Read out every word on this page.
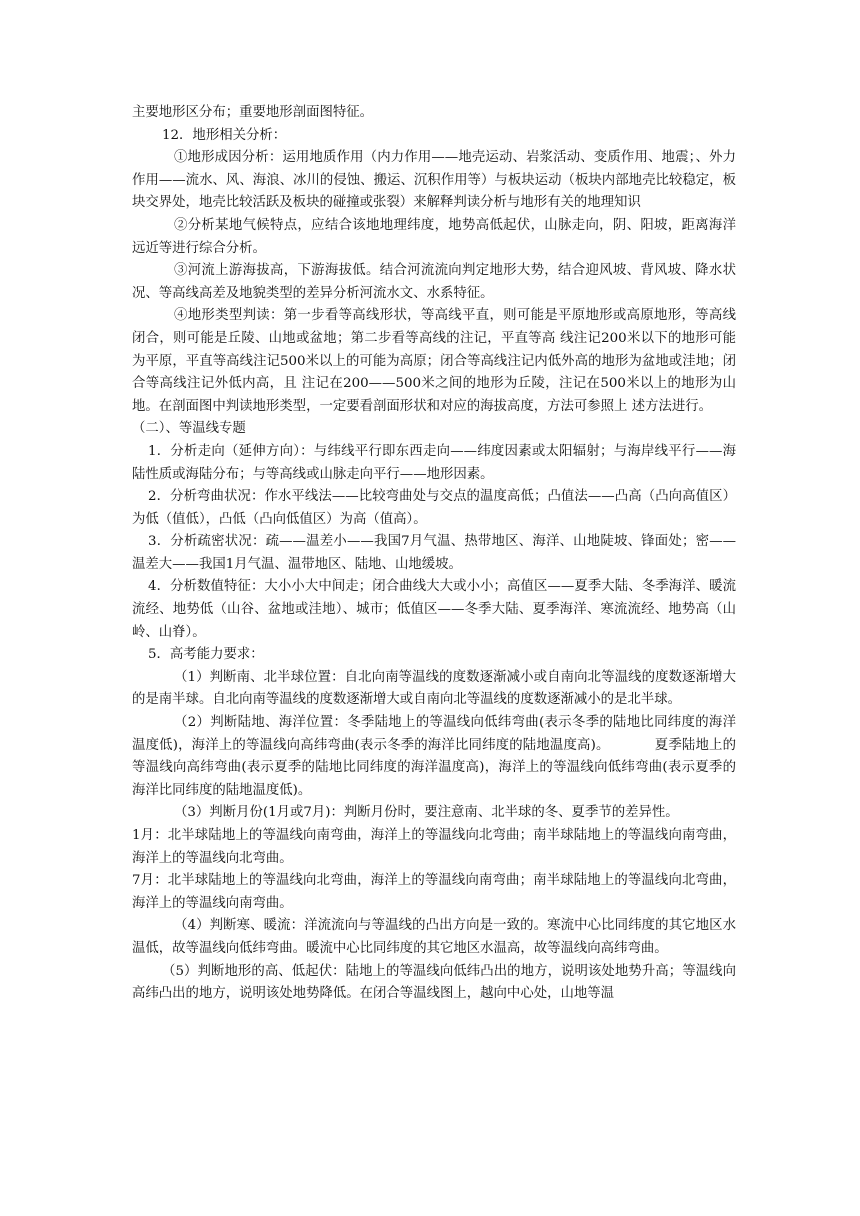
主要地形区分布；重要地形剖面图特征。

12．地形相关分析：

①地形成因分析：运用地质作用（内力作用——地壳运动、岩浆活动、变质作用、地震；、外力作用——流水、风、海浪、冰川的侵蚀、搬运、沉积作用等）与板块运动（板块内部地壳比较稳定，板块交界处，地壳比较活跃及板块的碰撞或张裂）来解释判读分析与地形有关的地理知识

②分析某地气候特点，应结合该地地理纬度，地势高低起伏，山脉走向，阴、阳坡，距离海洋远近等进行综合分析。

③河流上游海拔高，下游海拔低。结合河流流向判定地形大势，结合迎风坡、背风坡、降水状况、等高线高差及地貌类型的差异分析河流水文、水系特征。

④地形类型判读：第一步看等高线形状，等高线平直，则可能是平原地形或高原地形，等高线闭合，则可能是丘陵、山地或盆地；第二步看等高线的注记，平直等高 线注记200米以下的地形可能为平原，平直等高线注记500米以上的可能为高原；闭合等高线注记内低外高的地形为盆地或洼地；闭合等高线注记外低内高，且 注记在200——500米之间的地形为丘陵，注记在500米以上的地形为山地。在剖面图中判读地形类型，一定要看剖面形状和对应的海拔高度，方法可参照上 述方法进行。

（二）、等温线专题

1．分析走向（延伸方向）：与纬线平行即东西走向——纬度因素或太阳辐射；与海岸线平行——海陆性质或海陆分布；与等高线或山脉走向平行——地形因素。

2．分析弯曲状况：作水平线法——比较弯曲处与交点的温度高低；凸值法——凸高（凸向高值区）为低（值低），凸低（凸向低值区）为高（值高）。

3．分析疏密状况：疏——温差小——我国7月气温、热带地区、海洋、山地陡坡、锋面处；密——温差大——我国1月气温、温带地区、陆地、山地缓坡。

4．分析数值特征：大小小大中间走；闭合曲线大大或小小；高值区——夏季大陆、冬季海洋、暖流流经、地势低（山谷、盆地或洼地）、城市；低值区——冬季大陆、夏季海洋、寒流流经、地势高（山岭、山脊）。

5．高考能力要求：

（1）判断南、北半球位置：自北向南等温线的度数逐渐减小或自南向北等温线的度数逐渐增大的是南半球。自北向南等温线的度数逐渐增大或自南向北等温线的度数逐渐减小的是北半球。

（2）判断陆地、海洋位置：冬季陆地上的等温线向低纬弯曲(表示冬季的陆地比同纬度的海洋温度低)，海洋上的等温线向高纬弯曲(表示冬季的海洋比同纬度的陆地温度高)。 　　　夏季陆地上的等温线向高纬弯曲(表示夏季的陆地比同纬度的海洋温度高)，海洋上的等温线向低纬弯曲(表示夏季的海洋比同纬度的陆地温度低)。

（3）判断月份(1月或7月)：判断月份时，要注意南、北半球的冬、夏季节的差异性。

1月：北半球陆地上的等温线向南弯曲，海洋上的等温线向北弯曲；南半球陆地上的等温线向南弯曲，海洋上的等温线向北弯曲。

7月：北半球陆地上的等温线向北弯曲，海洋上的等温线向南弯曲；南半球陆地上的等温线向北弯曲，海洋上的等温线向南弯曲。

（4）判断寒、暖流：洋流流向与等温线的凸出方向是一致的。寒流中心比同纬度的其它地区水温低，故等温线向低纬弯曲。暖流中心比同纬度的其它地区水温高，故等温线向高纬弯曲。

（5）判断地形的高、低起伏：陆地上的等温线向低纬凸出的地方，说明该处地势升高；等温线向高纬凸出的地方，说明该处地势降低。在闭合等温线图上，越向中心处，山地等温
